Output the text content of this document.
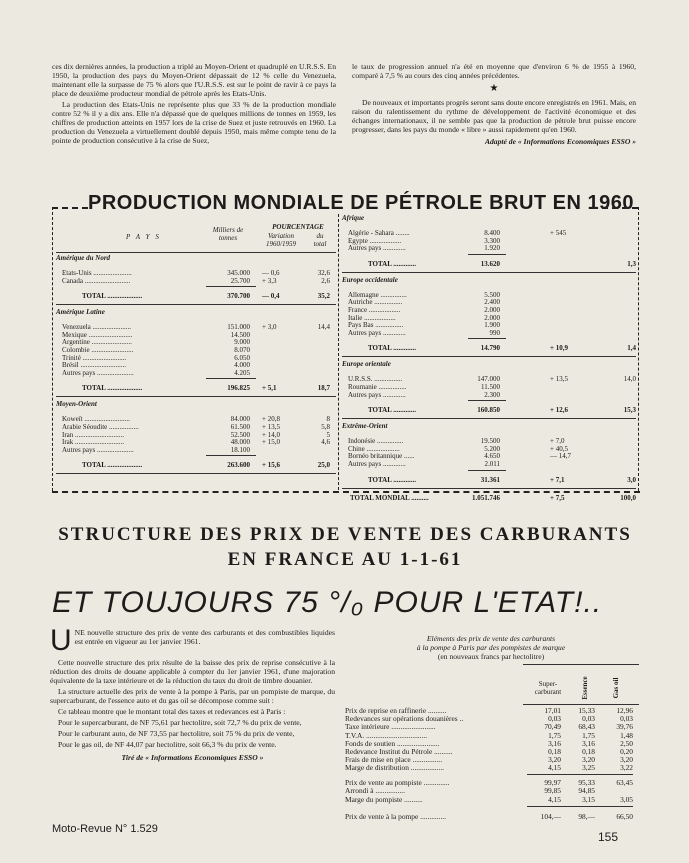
ces dix dernières années, la production a triplé au Moyen-Orient et quadruplé en U.R.S.S. En 1950, la production des pays du Moyen-Orient dépassait de 12 % celle du Venezuela, maintenant elle la surpasse de 75 % alors que l'U.R.S.S. est sur le point de ravir à ce pays la place de deuxième producteur mondial de pétrole après les Etats-Unis.

La production des Etats-Unis ne représente plus que 33 % de la production mondiale contre 52 % il y a dix ans. Elle n'a dépassé que de quelques millions de tonnes en 1959, les chiffres de production atteints en 1957 lors de la crise de Suez et juste retrouvés en 1960. La production du Venezuela a virtuellement doublé depuis 1950, mais même compte tenu de la pointe de production consécutive à la crise de Suez,

le taux de progression annuel n'a été en moyenne que d'environ 6 % de 1955 à 1960, comparé à 7,5 % au cours des cinq années précédentes.

★

De nouveaux et importants progrès seront sans doute encore enregistrés en 1961. Mais, en raison du ralentissement du rythme de développement de l'activité économique et des échanges internationaux, il ne semble pas que la production de pétrole brut puisse encore progresser, dans les pays du monde « libre » aussi rapidement qu'en 1960.

Adapté de « Informations Economiques ESSO »
PRODUCTION MONDIALE DE PÉTROLE BRUT EN 1960
P A Y S
Milliers de
tonnes
POURCENTAGE
Variation
1960/1959
du
total
Amérique du Nord
Etats-Unis ......................	345.000 — 0,6	32,6
Canada ..........................	25.700 + 3,3	2,6
TOTAL ....................	370.700 — 0,4	35,2
Amérique Latine
Venezuela ......................	151.000 + 3,0	14,4
Mexique .........................	14.500
Argentine .......................	9.000
Colombie ........................	8.070
Trinité .........................	6.050
Brésil ..........................	4.000
Autres pays .....................	4.205
TOTAL ....................	196.825 + 5,1	18,7
Moyen-Orient
Koweït ..........................	84.000 + 20,8	8
Arabie Séoudite .................	61.500 + 13,5	5,8
Iran ............................	52.500 + 14,0	5
Irak ............................	48.000 + 15,0	4,6
Autres pays .....................	18.100
TOTAL ....................	263.600 + 15,6	25,0
Afrique
Algérie - Sahara ........	8.400	+ 545
Egypte ..................	3.300
Autres pays .............	1.920
TOTAL .............	13.620	1,3
Europe occidentale
Allemagne ...............	5.500
Autriche ................	2.400
France ..................	2.000
Italie ..................	2.000
Pays Bas ................	1.900
Autres pays .............	990
TOTAL .............	14.790	+ 10,9	1,4
Europe orientale
U.R.S.S. ................	147.000	+ 13,5	14,0
Roumanie ................	11.500
Autres pays .............	2.300
TOTAL .............	160.850	+ 12,6	15,3
Extrême-Orient
Indonésie ...............	19.500	+ 7,0
Chine ...................	5.200	+ 40,5
Bornéo britannique ......	4.650	— 14,7
Autres pays .............	2.011
TOTAL .............	31.361	+ 7,1	3,0
TOTAL MONDIAL ..........	1.051.746	+ 7,5	100,0
STRUCTURE DES PRIX DE VENTE DES CARBURANTS
EN FRANCE AU 1-1-61
ET TOUJOURS 75 °/₀ POUR L'ETAT!..
U NE nouvelle structure des prix de vente des carburants et des combustibles liquides est entrée en vigueur au 1er janvier 1961.

Cette nouvelle structure des prix résulte de la baisse des prix de reprise consécutive à la réduction des droits de douane applicable à compter du 1er janvier 1961, d'une majoration équivalente de la taxe intérieure et de la réduction du taux du droit de timbre douanier.

La structure actuelle des prix de vente à la pompe à Paris, par un pompiste de marque, du supercarburant, de l'essence auto et du gas oil se décompose comme suit :

Ce tableau montre que le montant total des taxes et redevances est à Paris :

Pour le supercarburant, de NF 75,61 par hectolitre, soit 72,7 % du prix de vente,

Pour le carburant auto, de NF 73,55 par hectolitre, soit 75 % du prix de vente,

Pour le gas oil, de NF 44,07 par hectolitre, soit 66,3 % du prix de vente.

Tiré de « Informations Economiques ESSO »
Eléments des prix de vente des carburants
à la pompe à Paris par des pompistes de marque
(en nouveaux francs par hectolitre)
Super-
carburant	Essence	Gas oil
Prix de reprise en raffinerie ..........	17,01	15,33	12,96
Redevances sur opérations douanières ..	0,03	0,03	0,03
Taxe intérieure ........................	70,49	68,43	39,76
T.V.A. .................................	1,75	1,75	1,48
Fonds de soutien .......................	3,16	3,16	2,50
Redevance Institut du Pétrole ..........	0,18	0,18	0,20
Frais de mise en place ................	3,20	3,20	3,20
Marge de distribution ..................	4,15	3,25	3,22
Prix de vente au pompiste ..............	99,97	95,33	63,45
Arrondi à ................	99,85	94,85
Marge du pompiste ..........	4,15	3,15	3,05
Prix de vente à la pompe ..............	104,—	98,—	66,50
Moto-Revue N° 1.529
155
